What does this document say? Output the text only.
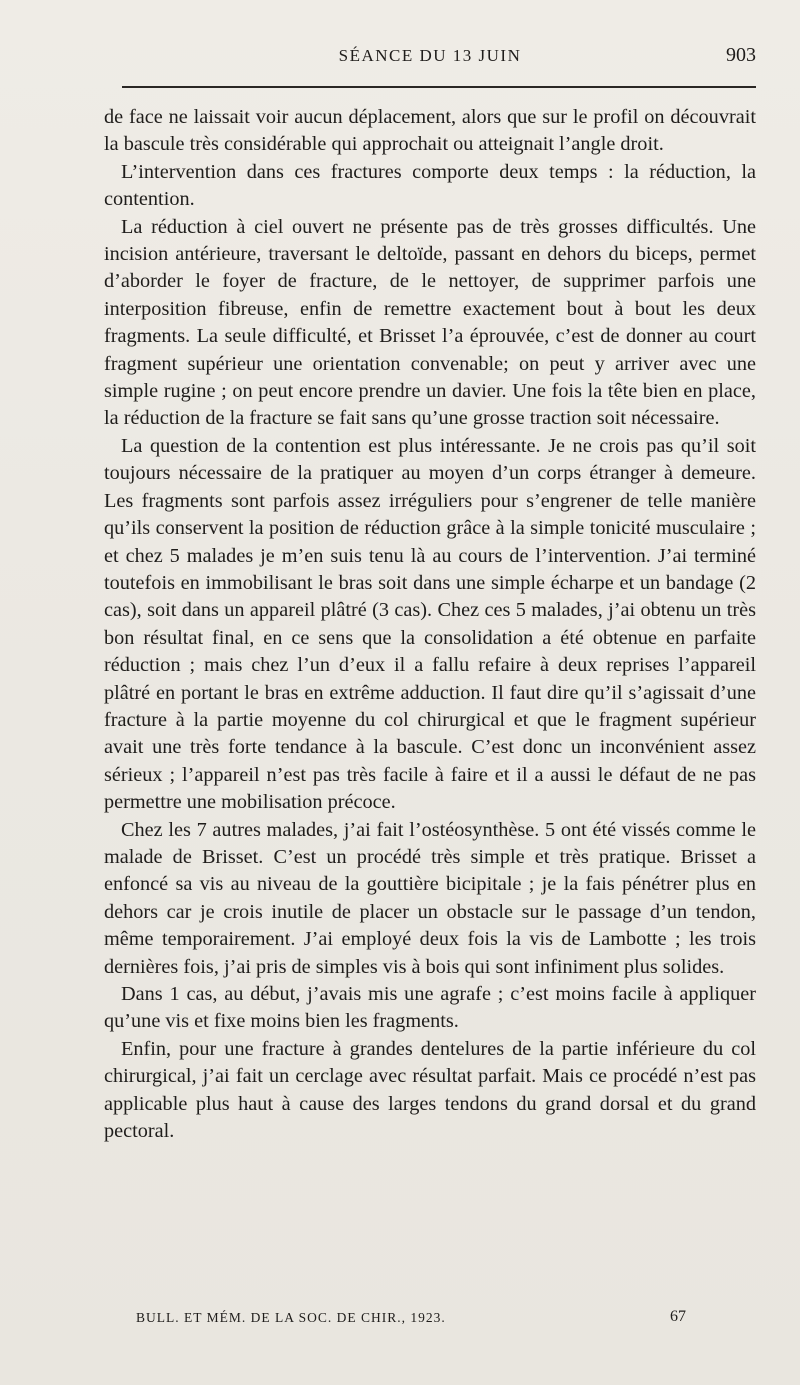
SÉANCE DU 13 JUIN	903

de face ne laissait voir aucun déplacement, alors que sur le profil on découvrait la bascule très considérable qui approchait ou atteignait l’angle droit.

L’intervention dans ces fractures comporte deux temps : la réduction, la contention.

La réduction à ciel ouvert ne présente pas de très grosses difficultés. Une incision antérieure, traversant le deltoïde, passant en dehors du biceps, permet d’aborder le foyer de fracture, de le nettoyer, de supprimer parfois une interposition fibreuse, enfin de remettre exactement bout à bout les deux fragments. La seule difficulté, et Brisset l’a éprouvée, c’est de donner au court fragment supérieur une orientation convenable; on peut y arriver avec une simple rugine ; on peut encore prendre un davier. Une fois la tête bien en place, la réduction de la fracture se fait sans qu’une grosse traction soit nécessaire.

La question de la contention est plus intéressante. Je ne crois pas qu’il soit toujours nécessaire de la pratiquer au moyen d’un corps étranger à demeure. Les fragments sont parfois assez irréguliers pour s’engrener de telle manière qu’ils conservent la position de réduction grâce à la simple tonicité musculaire ; et chez 5 malades je m’en suis tenu là au cours de l’intervention. J’ai terminé toutefois en immobilisant le bras soit dans une simple écharpe et un bandage (2 cas), soit dans un appareil plâtré (3 cas). Chez ces 5 malades, j’ai obtenu un très bon résultat final, en ce sens que la consolidation a été obtenue en parfaite réduction ; mais chez l’un d’eux il a fallu refaire à deux reprises l’appareil plâtré en portant le bras en extrême adduction. Il faut dire qu’il s’agissait d’une fracture à la partie moyenne du col chirurgical et que le fragment supérieur avait une très forte tendance à la bascule. C’est donc un inconvénient assez sérieux ; l’appareil n’est pas très facile à faire et il a aussi le défaut de ne pas permettre une mobilisation précoce.

Chez les 7 autres malades, j’ai fait l’ostéosynthèse. 5 ont été vissés comme le malade de Brisset. C’est un procédé très simple et très pratique. Brisset a enfoncé sa vis au niveau de la gouttière bicipitale ; je la fais pénétrer plus en dehors car je crois inutile de placer un obstacle sur le passage d’un tendon, même temporairement. J’ai employé deux fois la vis de Lambotte ; les trois dernières fois, j’ai pris de simples vis à bois qui sont infiniment plus solides.

Dans 1 cas, au début, j’avais mis une agrafe ; c’est moins facile à appliquer qu’une vis et fixe moins bien les fragments.

Enfin, pour une fracture à grandes dentelures de la partie inférieure du col chirurgical, j’ai fait un cerclage avec résultat parfait. Mais ce procédé n’est pas applicable plus haut à cause des larges tendons du grand dorsal et du grand pectoral.

BULL. ET MÉM. DE LA SOC. DE CHIR., 1923.	67
